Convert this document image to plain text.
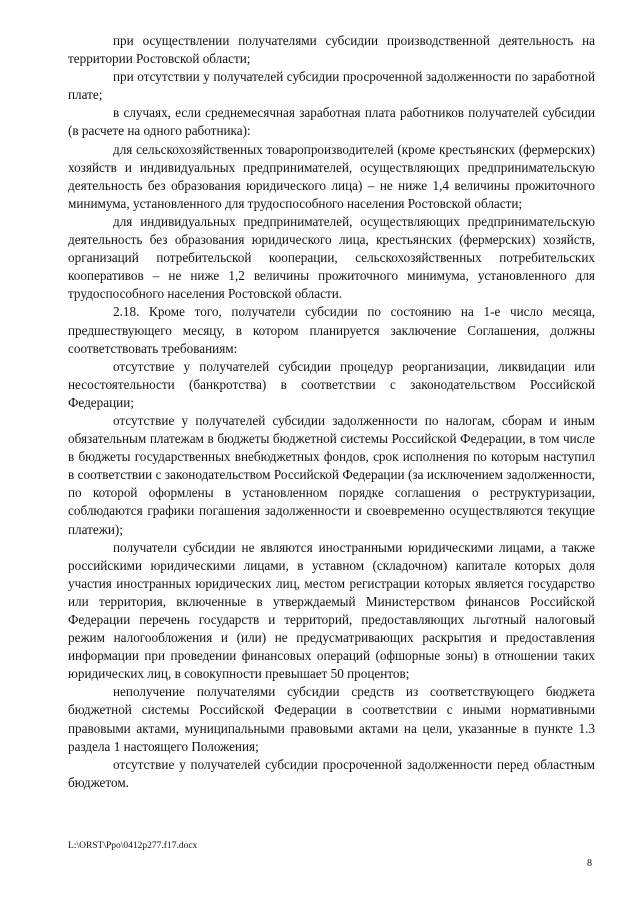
при осуществлении получателями субсидии производственной деятельность на территории Ростовской области;

при отсутствии у получателей субсидии просроченной задолженности по заработной плате;

в случаях, если среднемесячная заработная плата работников получателей субсидии (в расчете на одного работника):

для сельскохозяйственных товаропроизводителей (кроме крестьянских (фермерских) хозяйств и индивидуальных предпринимателей, осуществляющих предпринимательскую деятельность без образования юридического лица) – не ниже 1,4 величины прожиточного минимума, установленного для трудоспособного населения Ростовской области;

для индивидуальных предпринимателей, осуществляющих предпринимательскую деятельность без образования юридического лица, крестьянских (фермерских) хозяйств, организаций потребительской кооперации, сельскохозяйственных потребительских кооперативов – не ниже 1,2 величины прожиточного минимума, установленного для трудоспособного населения Ростовской области.

2.18. Кроме того, получатели субсидии по состоянию на 1-е число месяца, предшествующего месяцу, в котором планируется заключение Соглашения, должны соответствовать требованиям:

отсутствие у получателей субсидии процедур реорганизации, ликвидации или несостоятельности (банкротства) в соответствии с законодательством Российской Федерации;

отсутствие у получателей субсидии задолженности по налогам, сборам и иным обязательным платежам в бюджеты бюджетной системы Российской Федерации, в том числе в бюджеты государственных внебюджетных фондов, срок исполнения по которым наступил в соответствии с законодательством Российской Федерации (за исключением задолженности, по которой оформлены в установленном порядке соглашения о реструктуризации, соблюдаются графики погашения задолженности и своевременно осуществляются текущие платежи);

получатели субсидии не являются иностранными юридическими лицами, а также российскими юридическими лицами, в уставном (складочном) капитале которых доля участия иностранных юридических лиц, местом регистрации которых является государство или территория, включенные в утверждаемый Министерством финансов Российской Федерации перечень государств и территорий, предоставляющих льготный налоговый режим налогообложения и (или) не предусматривающих раскрытия и предоставления информации при проведении финансовых операций (офшорные зоны) в отношении таких юридических лиц, в совокупности превышает 50 процентов;

неполучение получателями субсидии средств из соответствующего бюджета бюджетной системы Российской Федерации в соответствии с иными нормативными правовыми актами, муниципальными правовыми актами на цели, указанные в пункте 1.3 раздела 1 настоящего Положения;

отсутствие у получателей субсидии просроченной задолженности перед областным бюджетом.

L:\ORST\Ppo\0412p277.f17.docx
8
